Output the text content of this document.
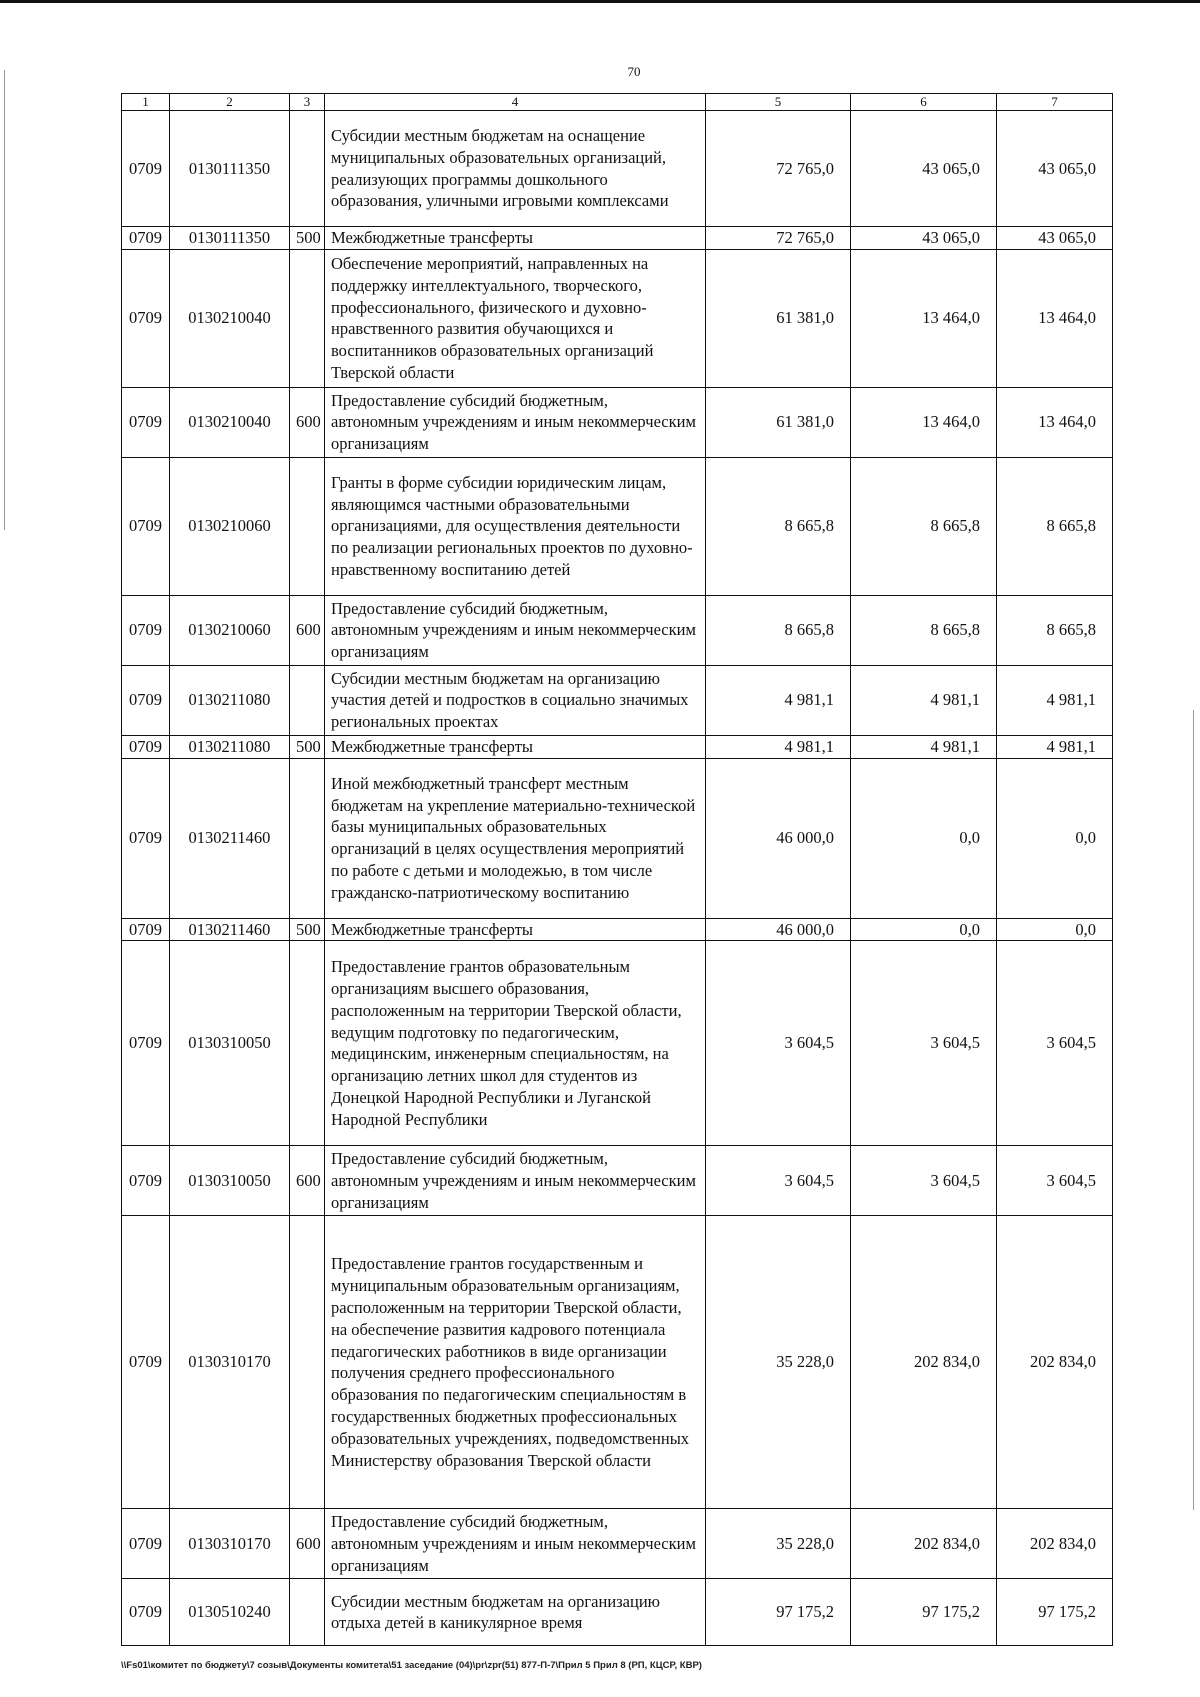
70
1	2	3	4	5	6	7
0709	0130111350		Субсидии местным бюджетам на оснащение муниципальных образовательных организаций, реализующих программы дошкольного образования, уличными игровыми комплексами	72 765,0	43 065,0	43 065,0
0709	0130111350	500	Межбюджетные трансферты	72 765,0	43 065,0	43 065,0
0709	0130210040		Обеспечение мероприятий, направленных на поддержку интеллектуального, творческого, профессионального, физического и духовно-нравственного развития обучающихся и воспитанников образовательных организаций Тверской области	61 381,0	13 464,0	13 464,0
0709	0130210040	600	Предоставление субсидий бюджетным, автономным учреждениям и иным некоммерческим организациям	61 381,0	13 464,0	13 464,0
0709	0130210060		Гранты в форме субсидии юридическим лицам, являющимся частными образовательными организациями, для осуществления деятельности по реализации региональных проектов по духовно-нравственному воспитанию детей	8 665,8	8 665,8	8 665,8
0709	0130210060	600	Предоставление субсидий бюджетным, автономным учреждениям и иным некоммерческим организациям	8 665,8	8 665,8	8 665,8
0709	0130211080		Субсидии местным бюджетам на организацию участия детей и подростков в социально значимых региональных проектах	4 981,1	4 981,1	4 981,1
0709	0130211080	500	Межбюджетные трансферты	4 981,1	4 981,1	4 981,1
0709	0130211460		Иной межбюджетный трансферт местным бюджетам на укрепление материально-технической базы муниципальных образовательных организаций в целях осуществления мероприятий по работе с детьми и молодежью, в том числе гражданско-патриотическому воспитанию	46 000,0	0,0	0,0
0709	0130211460	500	Межбюджетные трансферты	46 000,0	0,0	0,0
0709	0130310050		Предоставление грантов образовательным организациям высшего образования, расположенным на территории Тверской области, ведущим подготовку по педагогическим, медицинским, инженерным специальностям, на организацию летних школ для студентов из Донецкой Народной Республики и Луганской Народной Республики	3 604,5	3 604,5	3 604,5
0709	0130310050	600	Предоставление субсидий бюджетным, автономным учреждениям и иным некоммерческим организациям	3 604,5	3 604,5	3 604,5
0709	0130310170		Предоставление грантов государственным и муниципальным образовательным организациям, расположенным на территории Тверской области, на обеспечение развития кадрового потенциала педагогических работников в виде организации получения среднего профессионального образования по педагогическим специальностям в государственных бюджетных профессиональных образовательных учреждениях, подведомственных Министерству образования Тверской области	35 228,0	202 834,0	202 834,0
0709	0130310170	600	Предоставление субсидий бюджетным, автономным учреждениям и иным некоммерческим организациям	35 228,0	202 834,0	202 834,0
0709	0130510240		Субсидии местным бюджетам на организацию отдыха детей в каникулярное время	97 175,2	97 175,2	97 175,2
\\Fs01\комитет по бюджету\7 созыв\Документы комитета\51 заседание (04)\pr\zpr(51) 877-П-7\Прил 5 Прил 8 (РП, КЦСР, КВР)
